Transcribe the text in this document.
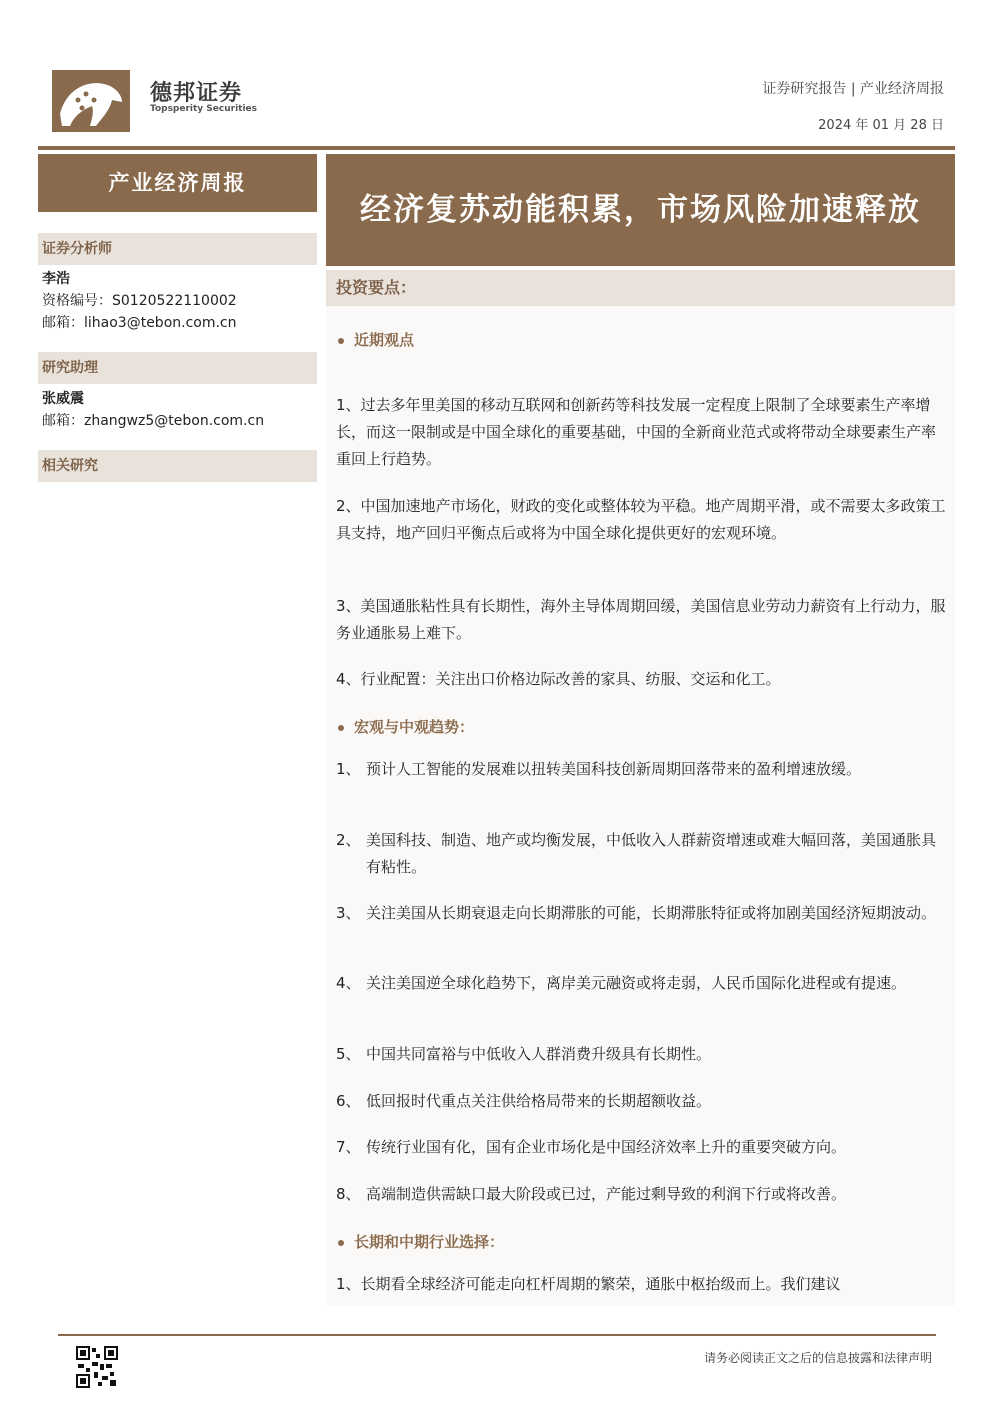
德邦证券
Topsperity Securities
证券研究报告 | 产业经济周报
2024 年 01 月 28 日
产业经济周报
证券分析师
李浩
资格编号：S0120522110002
邮箱：lihao3@tebon.com.cn
研究助理
张威震
邮箱：zhangwz5@tebon.com.cn
相关研究
经济复苏动能积累，市场风险加速释放
投资要点：
近期观点
1、过去多年里美国的移动互联网和创新药等科技发展一定程度上限制了全球要素生产率增长，而这一限制或是中国全球化的重要基础，中国的全新商业范式或将带动全球要素生产率重回上行趋势。
2、中国加速地产市场化，财政的变化或整体较为平稳。地产周期平滑，或不需要太多政策工具支持，地产回归平衡点后或将为中国全球化提供更好的宏观环境。
3、美国通胀粘性具有长期性，海外主导体周期回缓，美国信息业劳动力薪资有上行动力，服务业通胀易上难下。
4、行业配置：关注出口价格边际改善的家具、纺服、交运和化工。
宏观与中观趋势：
1、 预计人工智能的发展难以扭转美国科技创新周期回落带来的盈利增速放缓。
2、 美国科技、制造、地产或均衡发展，中低收入人群薪资增速或难大幅回落，美国通胀具有粘性。
3、 关注美国从长期衰退走向长期滞胀的可能，长期滞胀特征或将加剧美国经济短期波动。
4、 关注美国逆全球化趋势下，离岸美元融资或将走弱，人民币国际化进程或有提速。
5、 中国共同富裕与中低收入人群消费升级具有长期性。
6、 低回报时代重点关注供给格局带来的长期超额收益。
7、 传统行业国有化，国有企业市场化是中国经济效率上升的重要突破方向。
8、 高端制造供需缺口最大阶段或已过，产能过剩导致的利润下行或将改善。
长期和中期行业选择：
1、长期看全球经济可能走向杠杆周期的繁荣，通胀中枢抬级而上。我们建议
请务必阅读正文之后的信息披露和法律声明
